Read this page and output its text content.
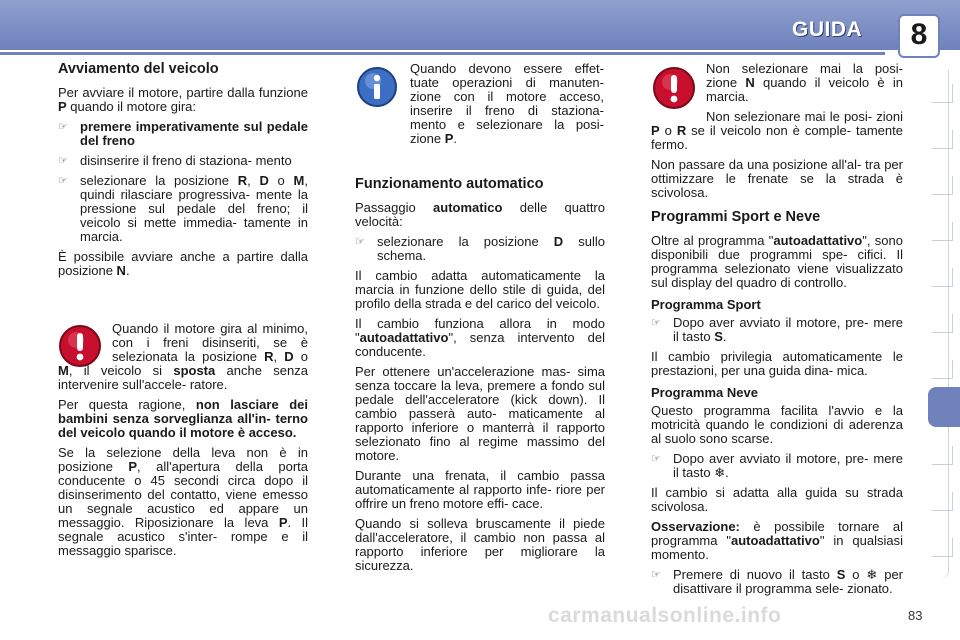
GUIDA	8
Avviamento del veicolo

Per avviare il motore, partire dalla funzione P quando il motore gira:

☞ premere imperativamente sul pedale del freno
☞ disinserire il freno di staziona- mento
☞ selezionare la posizione R, D o M, quindi rilasciare progressiva- mente la pressione sul pedale del freno; il veicolo si mette immedia- tamente in marcia.

È possibile avviare anche a partire dalla posizione N.

Quando il motore gira al minimo, con i freni disinseriti, se è selezionata la posizione R, D o M, il veicolo si sposta anche senza intervenire sull'accele- ratore.

Per questa ragione, non lasciare dei bambini senza sorveglianza all'in- terno del veicolo quando il motore è acceso.

Se la selezione della leva non è in posizione P, all'apertura della porta conducente o 45 secondi circa dopo il disinserimento del contatto, viene emesso un segnale acustico ed appare un messaggio. Riposizionare la leva P. Il segnale acustico s'inter- rompe e il messaggio sparisce.

Quando devono essere effet- tuate operazioni di manuten- zione con il motore acceso, inserire il freno di staziona- mento e selezionare la posi- zione P.

Funzionamento automatico

Passaggio automatico delle quattro velocità:

☞ selezionare la posizione D sullo schema.

Il cambio adatta automaticamente la marcia in funzione dello stile di guida, del profilo della strada e del carico del veicolo.

Il cambio funziona allora in modo "autoadattativo", senza intervento del conducente.

Per ottenere un'accelerazione mas- sima senza toccare la leva, premere a fondo sul pedale dell'acceleratore (kick down). Il cambio passerà auto- maticamente al rapporto inferiore o manterrà il rapporto selezionato fino al regime massimo del motore.

Durante una frenata, il cambio passa automaticamente al rapporto infe- riore per offrire un freno motore effi- cace.

Quando si solleva bruscamente il piede dall'acceleratore, il cambio non passa al rapporto inferiore per migliorare la sicurezza.

Non selezionare mai la posi- zione N quando il veicolo è in marcia.

Non selezionare mai le posi- zioni P o R se il veicolo non è comple- tamente fermo.

Non passare da una posizione all'al- tra per ottimizzare le frenate se la strada è scivolosa.

Programmi Sport e Neve

Oltre al programma "autoadattativo", sono disponibili due programmi spe- cifici. Il programma selezionato viene visualizzato sul display del quadro di controllo.

Programma Sport
☞ Dopo aver avviato il motore, pre- mere il tasto S.

Il cambio privilegia automaticamente le prestazioni, per una guida dina- mica.

Programma Neve

Questo programma facilita l'avvio e la motricità quando le condizioni di aderenza al suolo sono scarse.

☞ Dopo aver avviato il motore, pre- mere il tasto ❄.

Il cambio si adatta alla guida su strada scivolosa.

Osservazione: è possibile tornare al programma "autoadattativo" in qualsiasi momento.

☞ Premere di nuovo il tasto S o ❄ per disattivare il programma sele- zionato.
carmanualsonline.info	83
